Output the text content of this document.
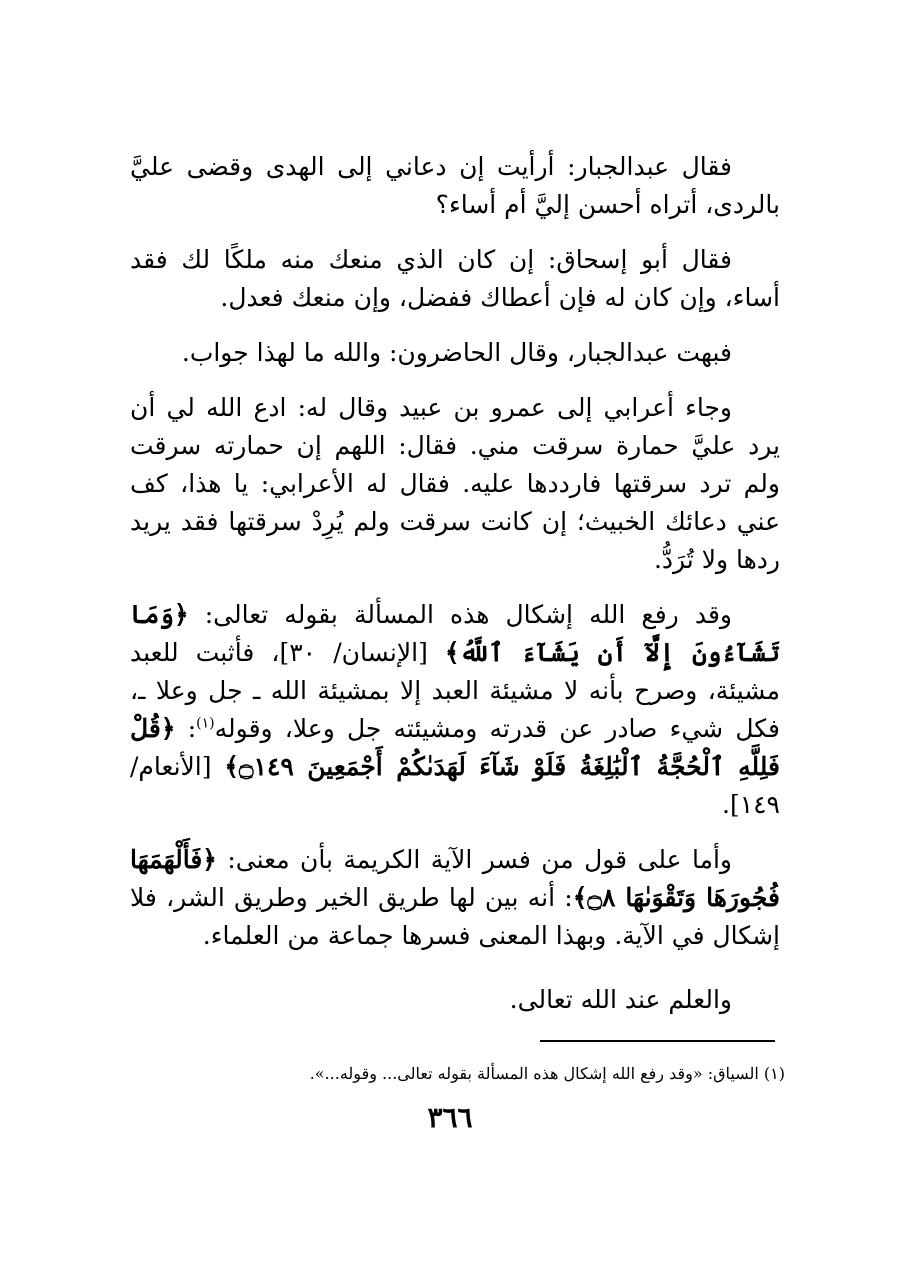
فقال عبدالجبار: أرأيت إن دعاني إلى الهدى وقضى عليَّ بالردى، أتراه أحسن إليَّ أم أساء؟

فقال أبو إسحاق: إن كان الذي منعك منه ملكًا لك فقد أساء، وإن كان له فإن أعطاك ففضل، وإن منعك فعدل.

فبهت عبدالجبار، وقال الحاضرون: والله ما لهذا جواب.

وجاء أعرابي إلى عمرو بن عبيد وقال له: ادع الله لي أن يرد عليَّ حمارة سرقت مني. فقال: اللهم إن حمارته سرقت ولم ترد سرقتها فارددها عليه. فقال له الأعرابي: يا هذا، كف عني دعائك الخبيث؛ إن كانت سرقت ولم يُرِدْ سرقتها فقد يريد ردها ولا تُرَدُّ.

وقد رفع الله إشكال هذه المسألة بقوله تعالى: ﴿وَمَا تَشَآءُونَ إِلَّآ أَن يَشَآءَ ٱللَّهُ﴾ [الإنسان/ ٣٠]، فأثبت للعبد مشيئة، وصرح بأنه لا مشيئة العبد إلا بمشيئة الله ـ جل وعلا ـ، فكل شيء صادر عن قدرته ومشيئته جل وعلا، وقوله$^{(١)}$: ﴿قُلْ فَلِلَّهِ ٱلْحُجَّةُ ٱلْبَٰلِغَةُ فَلَوْ شَآءَ لَهَدَىٰكُمْ أَجْمَعِينَ ۝١٤٩﴾ [الأنعام/ ١٤٩].

وأما على قول من فسر الآية الكريمة بأن معنى: ﴿فَأَلْهَمَهَا فُجُورَهَا وَتَقْوَىٰهَا ۝٨﴾: أنه بين لها طريق الخير وطريق الشر، فلا إشكال في الآية. وبهذا المعنى فسرها جماعة من العلماء.

والعلم عند الله تعالى.

(١) السياق: «وقد رفع الله إشكال هذه المسألة بقوله تعالى... وقوله...».
٣٦٦
